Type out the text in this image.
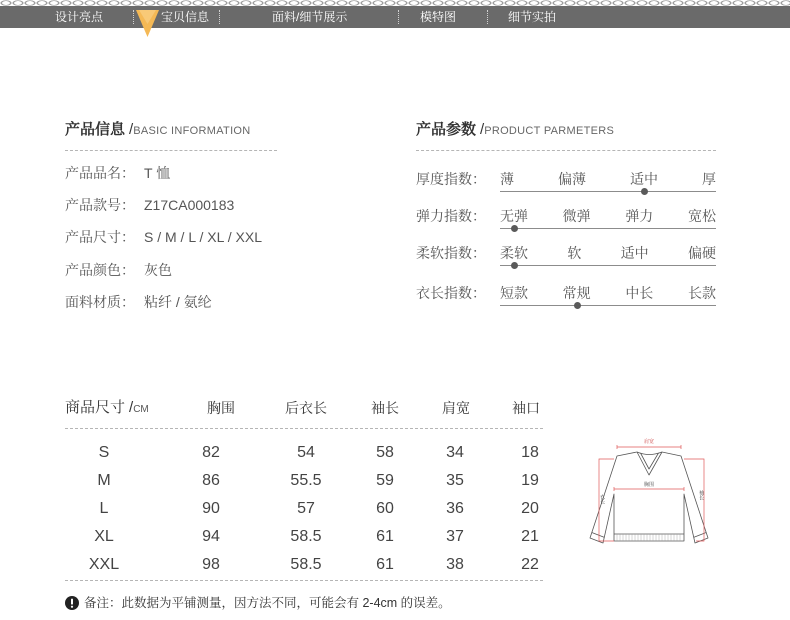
设计亮点	宝贝信息	面料/细节展示	模特图	细节实拍
产品信息 /BASIC INFORMATION
产品品名： T 恤
产品款号： Z17CA000183
产品尺寸： S / M / L / XL / XXL
产品颜色： 灰色
面料材质： 粘纤 / 氨纶
产品参数 /PRODUCT PARMETERS
厚度指数： 薄	偏薄	适中	厚
弹力指数： 无弹 微弹 弹力 宽松
柔软指数： 柔软	软	适中	偏硬
衣长指数： 短款 常规 中长 长款
商品尺寸 /CM	胸围	后衣长	袖长	肩宽	袖口
S	82	54	58	34	18
M	86	55.5	59	35	19
L	90	57	60	36	20
XL	94	58.5	61	37	21
XXL	98	58.5	61	38	22
肩宽
胸围
衣长	袖长
备注：此数据为平铺测量，因方法不同，可能会有 2-4cm 的误差。
